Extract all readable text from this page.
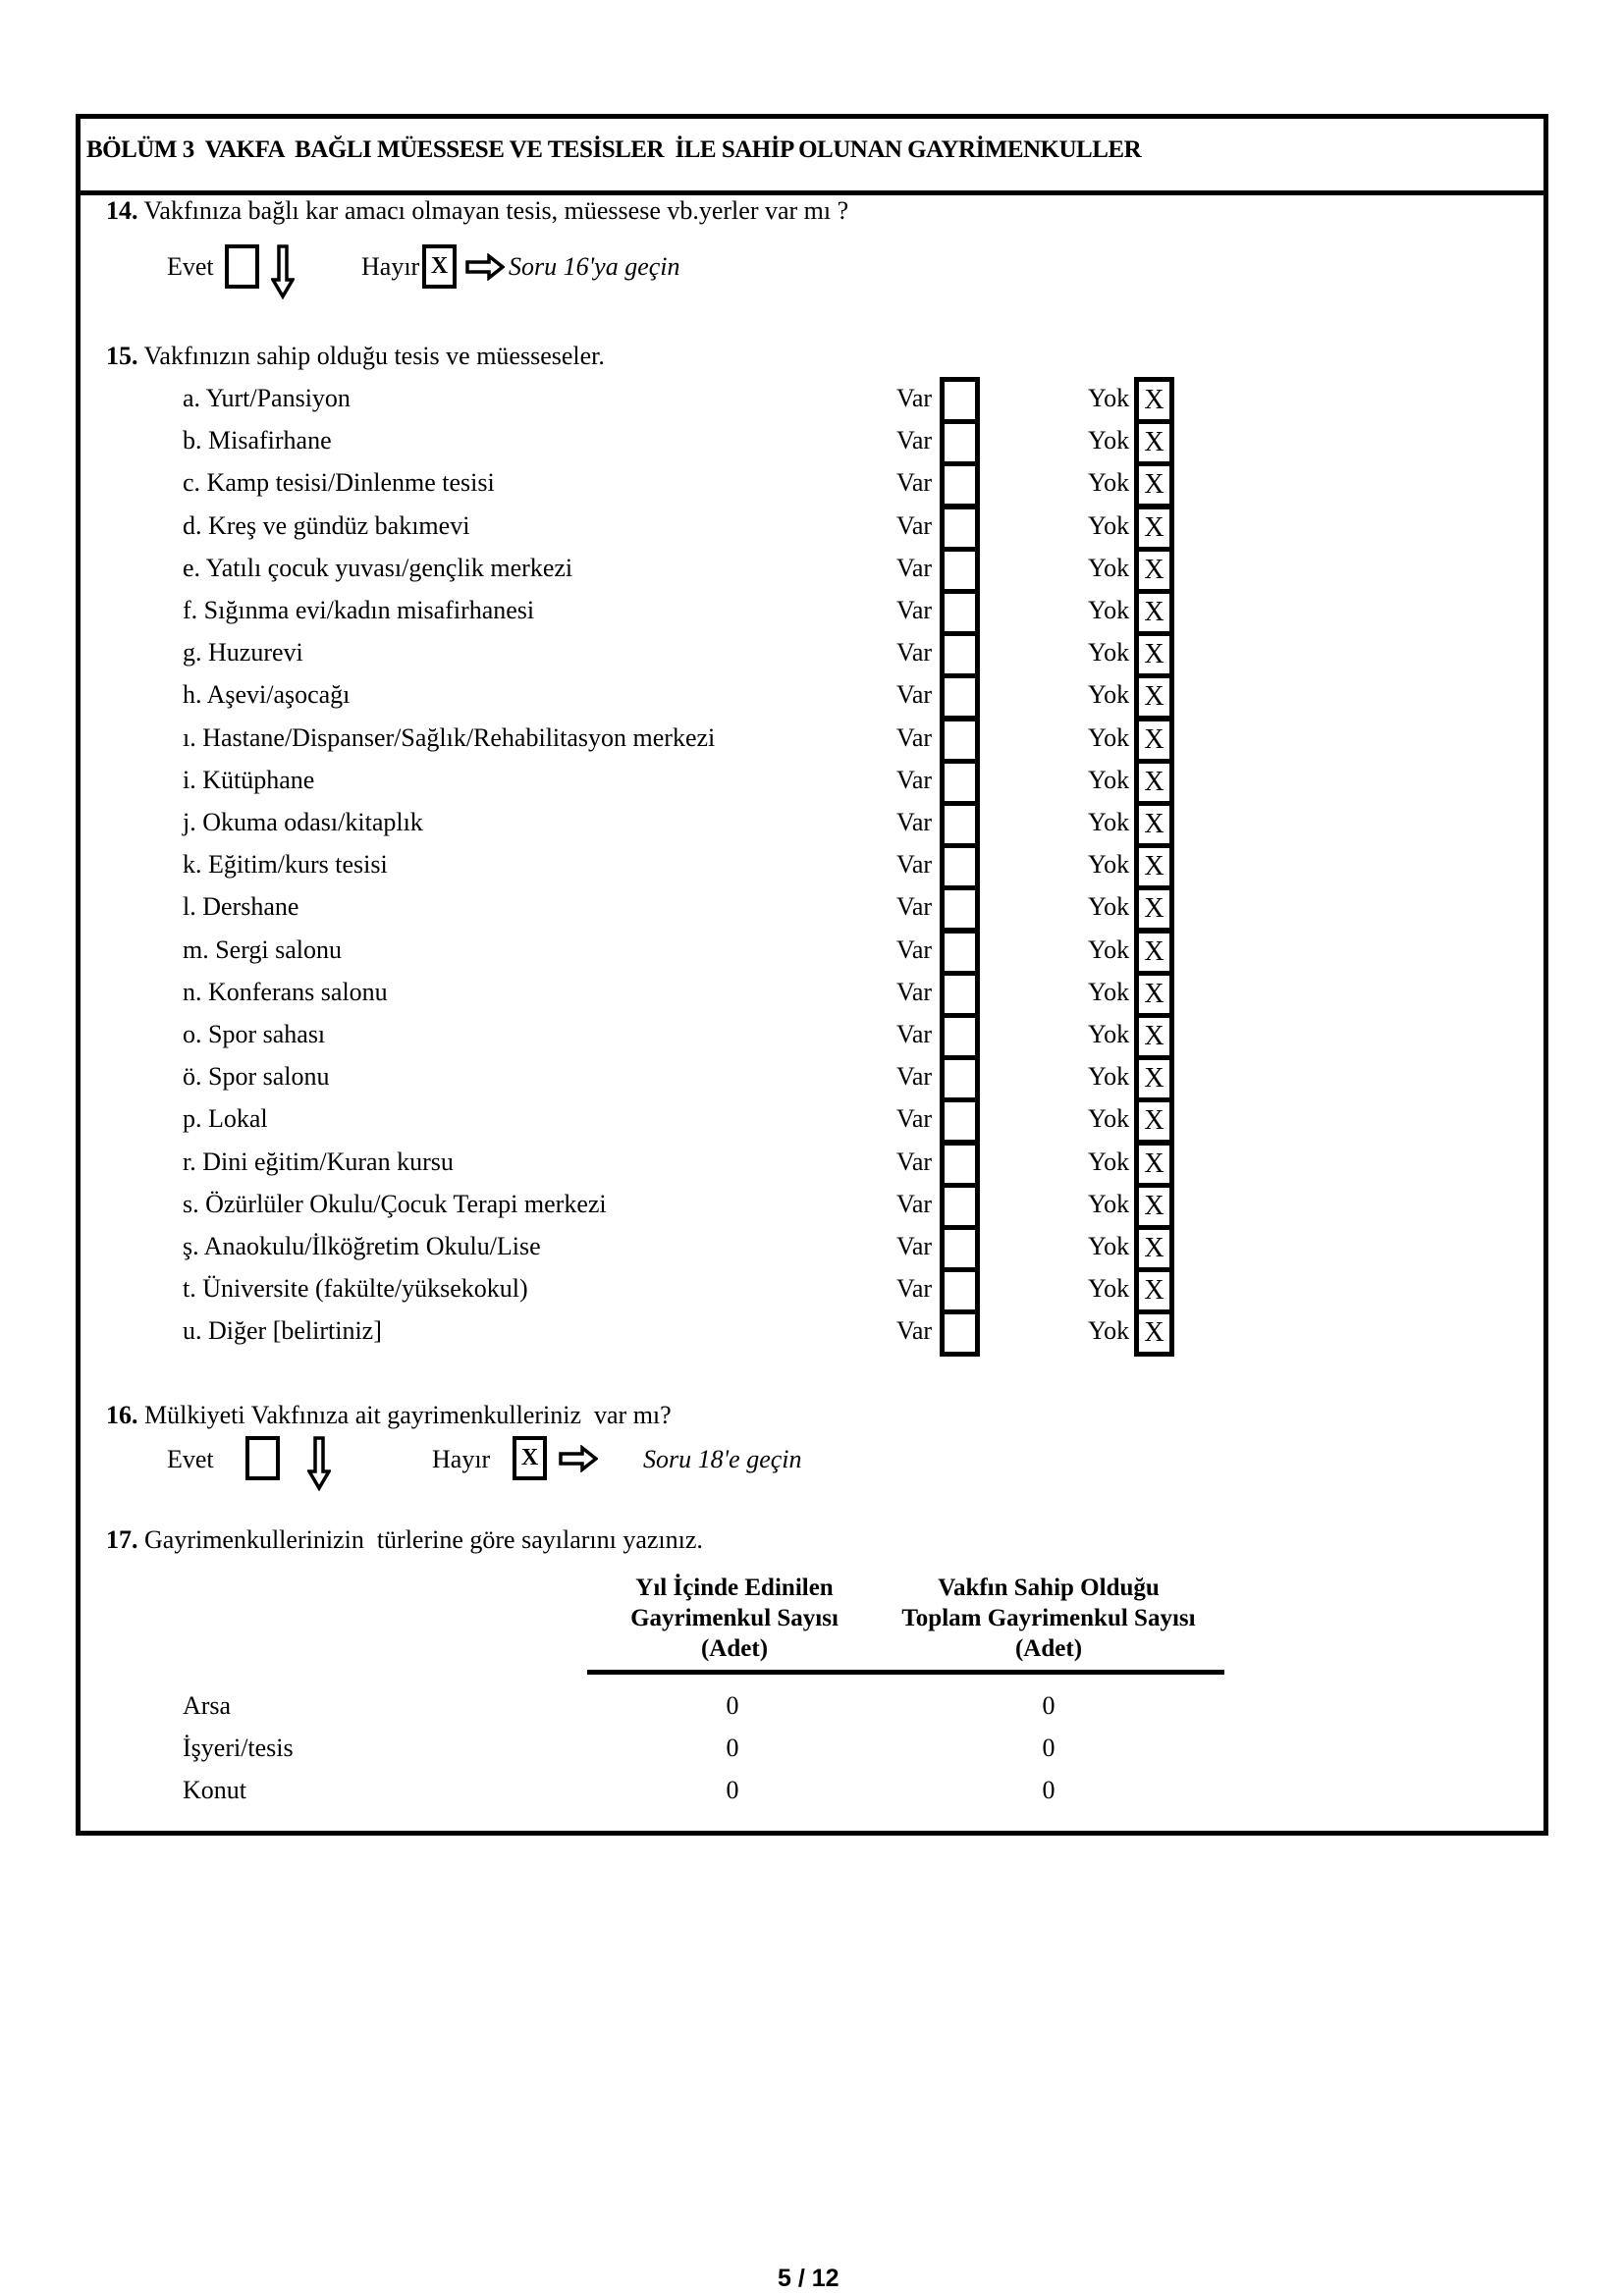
BÖLÜM 3  VAKFA  BAĞLI MÜESSESE VE TESİSLER  İLE SAHİP OLUNAN GAYRİMENKULLER
14. Vakfınıza bağlı kar amacı olmayan tesis, müessese vb.yerler var mı ?
Evet	Hayır X	Soru 16'ya geçin
15. Vakfınızın sahip olduğu tesis ve müesseseler.
a. Yurt/Pansiyon	Var	Yok X
b. Misafirhane	Var	Yok X
c. Kamp tesisi/Dinlenme tesisi	Var	Yok X
d. Kreş ve gündüz bakımevi	Var	Yok X
e. Yatılı çocuk yuvası/gençlik merkezi	Var	Yok X
f. Sığınma evi/kadın misafirhanesi	Var	Yok X
g. Huzurevi	Var	Yok X
h. Aşevi/aşocağı	Var	Yok X
ı. Hastane/Dispanser/Sağlık/Rehabilitasyon merkezi	Var	Yok X
i. Kütüphane	Var	Yok X
j. Okuma odası/kitaplık	Var	Yok X
k. Eğitim/kurs tesisi	Var	Yok X
l. Dershane	Var	Yok X
m. Sergi salonu	Var	Yok X
n. Konferans salonu	Var	Yok X
o. Spor sahası	Var	Yok X
ö. Spor salonu	Var	Yok X
p. Lokal	Var	Yok X
r. Dini eğitim/Kuran kursu	Var	Yok X
s. Özürlüler Okulu/Çocuk Terapi merkezi	Var	Yok X
ş. Anaokulu/İlköğretim Okulu/Lise	Var	Yok X
t. Üniversite (fakülte/yüksekokul)	Var	Yok X
u. Diğer [belirtiniz]	Var	Yok X
16. Mülkiyeti Vakfınıza ait gayrimenkulleriniz  var mı?
Evet	Hayır	X	Soru 18'e geçin
17. Gayrimenkullerinizin  türlerine göre sayılarını yazınız.
Yıl İçinde Edinilen
Gayrimenkul Sayısı
(Adet)
Vakfın Sahip Olduğu
Toplam Gayrimenkul Sayısı
(Adet)
Arsa	0	0
İşyeri/tesis	0	0
Konut	0	0
5 / 12
